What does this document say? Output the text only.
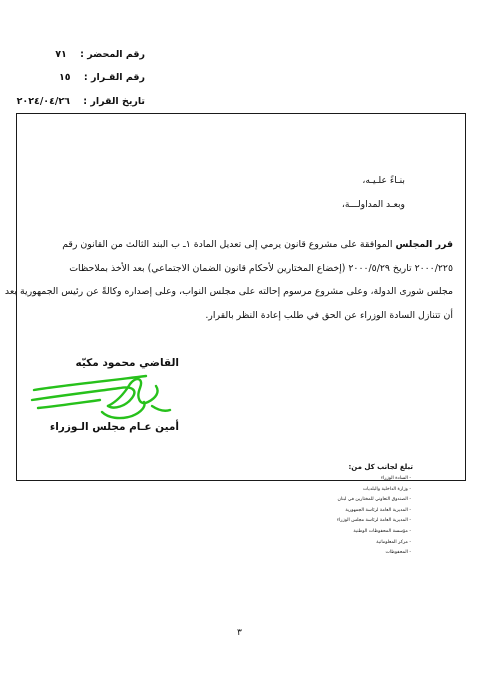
رقم المحضر : ٧١
رقم القـرار : ١٥
تاريخ القرار : ٢٠٢٤/٠٤/٢٦
بنـاءً علـيـه،
وبعـد المداولـــة،
قرر المجلس الموافقة على مشروع قانون يرمي إلى تعديل المادة ١ـ ب البند الثالث من القانون رقم
٢٠٠٠/٢٢٥ تاريخ ٢٠٠٠/٥/٢٩ (إخضاع المختارين لأحكام قانون الضمان الاجتماعي) بعد الأخذ بملاحظات
مجلس شورى الدولة، وعلى مشروع مرسوم إحالته على مجلس النواب، وعلى إصداره وكالةً عن رئيس الجمهورية بعد
أن تتنازل السادة الوزراء عن الحق في طلب إعادة النظر بالقرار.
القاضي محمود مكيّه
أمين عـام مجلس الـوزراء
تبلغ لجانب كل من:
- السادة الوزراء
- وزارة الداخلية والبلديات
- الصندوق التعاوني للمختارين في لبنان
- المديرية العامة لرئاسة الجمهورية
- المديرية العامة لرئاسة مجلس الوزراء
- مؤسسة المحفوظات الوطنية
- مركز المعلوماتية
- المحفوظات
٣
